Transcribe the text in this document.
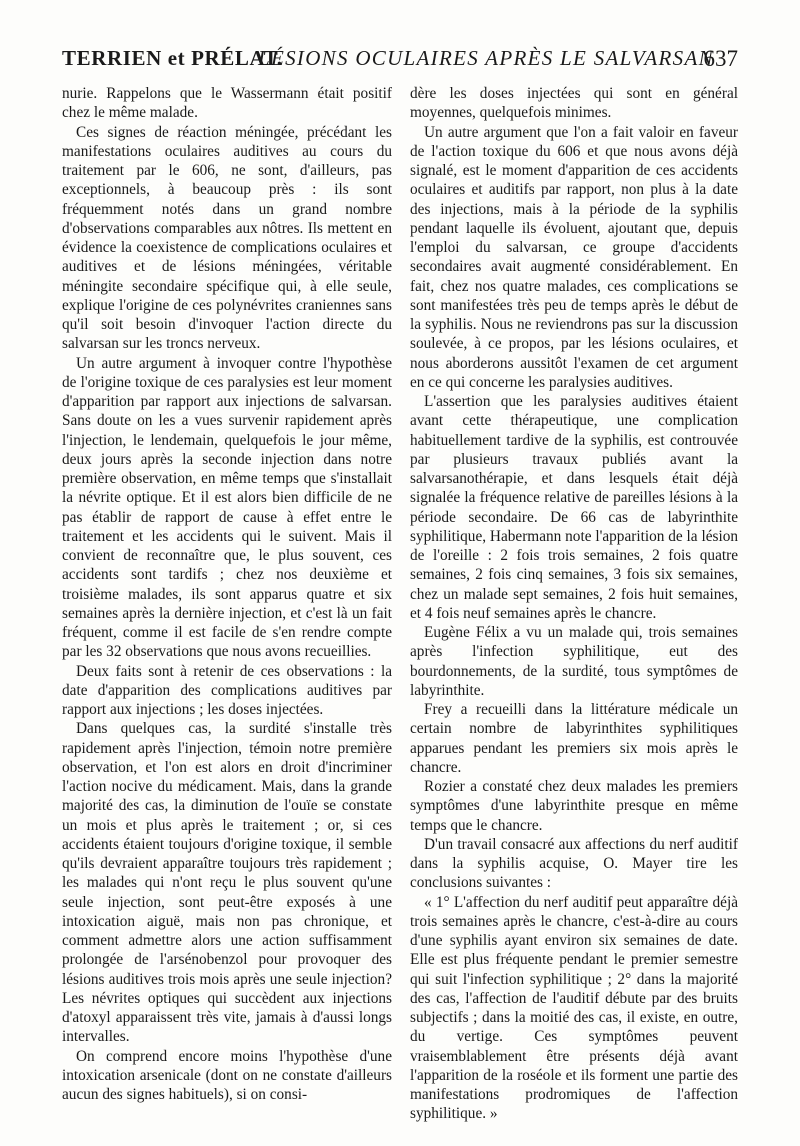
TERRIEN et PRÉLAT.
LÉSIONS OCULAIRES APRÈS LE SALVARSAN
637

nurie. Rappelons que le Wassermann était positif chez le même malade.

Ces signes de réaction méningée, précédant les manifestations oculaires auditives au cours du traitement par le 606, ne sont, d'ailleurs, pas exceptionnels, à beaucoup près : ils sont fréquemment notés dans un grand nombre d'observations comparables aux nôtres. Ils mettent en évidence la coexistence de complications oculaires et auditives et de lésions méningées, véritable méningite secondaire spécifique qui, à elle seule, explique l'origine de ces polynévrites craniennes sans qu'il soit besoin d'invoquer l'action directe du salvarsan sur les troncs nerveux.

Un autre argument à invoquer contre l'hypothèse de l'origine toxique de ces paralysies est leur moment d'apparition par rapport aux injections de salvarsan. Sans doute on les a vues survenir rapidement après l'injection, le lendemain, quelquefois le jour même, deux jours après la seconde injection dans notre première observation, en même temps que s'installait la névrite optique. Et il est alors bien difficile de ne pas établir de rapport de cause à effet entre le traitement et les accidents qui le suivent. Mais il convient de reconnaître que, le plus souvent, ces accidents sont tardifs ; chez nos deuxième et troisième malades, ils sont apparus quatre et six semaines après la dernière injection, et c'est là un fait fréquent, comme il est facile de s'en rendre compte par les 32 observations que nous avons recueillies.

Deux faits sont à retenir de ces observations : la date d'apparition des complications auditives par rapport aux injections ; les doses injectées.

Dans quelques cas, la surdité s'installe très rapidement après l'injection, témoin notre première observation, et l'on est alors en droit d'incriminer l'action nocive du médicament. Mais, dans la grande majorité des cas, la diminution de l'ouïe se constate un mois et plus après le traitement ; or, si ces accidents étaient toujours d'origine toxique, il semble qu'ils devraient apparaître toujours très rapidement ; les malades qui n'ont reçu le plus souvent qu'une seule injection, sont peut-être exposés à une intoxication aiguë, mais non pas chronique, et comment admettre alors une action suffisamment prolongée de l'arsénobenzol pour provoquer des lésions auditives trois mois après une seule injection? Les névrites optiques qui succèdent aux injections d'atoxyl apparaissent très vite, jamais à d'aussi longs intervalles.

On comprend encore moins l'hypothèse d'une intoxication arsenicale (dont on ne constate d'ailleurs aucun des signes habituels), si on consi-

dère les doses injectées qui sont en général moyennes, quelquefois minimes.

Un autre argument que l'on a fait valoir en faveur de l'action toxique du 606 et que nous avons déjà signalé, est le moment d'apparition de ces accidents oculaires et auditifs par rapport, non plus à la date des injections, mais à la période de la syphilis pendant laquelle ils évoluent, ajoutant que, depuis l'emploi du salvarsan, ce groupe d'accidents secondaires avait augmenté considérablement. En fait, chez nos quatre malades, ces complications se sont manifestées très peu de temps après le début de la syphilis. Nous ne reviendrons pas sur la discussion soulevée, à ce propos, par les lésions oculaires, et nous aborderons aussitôt l'examen de cet argument en ce qui concerne les paralysies auditives.

L'assertion que les paralysies auditives étaient avant cette thérapeutique, une complication habituellement tardive de la syphilis, est controuvée par plusieurs travaux publiés avant la salvarsanothérapie, et dans lesquels était déjà signalée la fréquence relative de pareilles lésions à la période secondaire. De 66 cas de labyrinthite syphilitique, Habermann note l'apparition de la lésion de l'oreille : 2 fois trois semaines, 2 fois quatre semaines, 2 fois cinq semaines, 3 fois six semaines, chez un malade sept semaines, 2 fois huit semaines, et 4 fois neuf semaines après le chancre.

Eugène Félix a vu un malade qui, trois semaines après l'infection syphilitique, eut des bourdonnements, de la surdité, tous symptômes de labyrinthite.

Frey a recueilli dans la littérature médicale un certain nombre de labyrinthites syphilitiques apparues pendant les premiers six mois après le chancre.

Rozier a constaté chez deux malades les premiers symptômes d'une labyrinthite presque en même temps que le chancre.

D'un travail consacré aux affections du nerf auditif dans la syphilis acquise, O. Mayer tire les conclusions suivantes :

« 1° L'affection du nerf auditif peut apparaître déjà trois semaines après le chancre, c'est-à-dire au cours d'une syphilis ayant environ six semaines de date. Elle est plus fréquente pendant le premier semestre qui suit l'infection syphilitique ; 2° dans la majorité des cas, l'affection de l'auditif débute par des bruits subjectifs ; dans la moitié des cas, il existe, en outre, du vertige. Ces symptômes peuvent vraisemblablement être présents déjà avant l'apparition de la roséole et ils forment une partie des manifestations prodromiques de l'affection syphilitique. »
